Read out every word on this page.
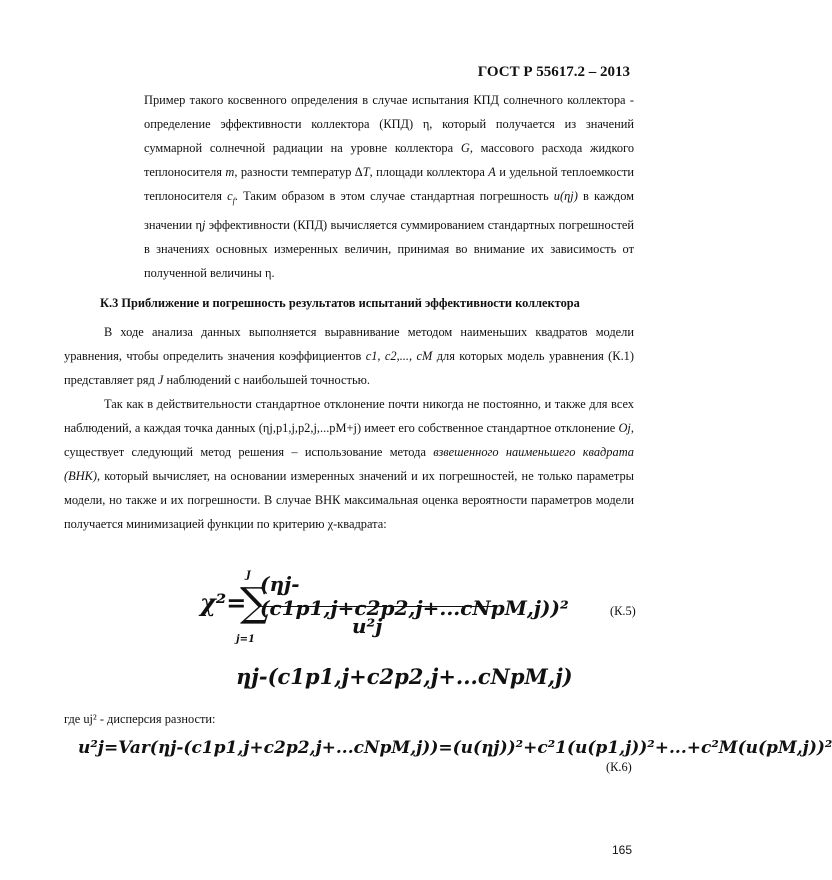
ГОСТ Р 55617.2 – 2013
Пример такого косвенного определения в случае испытания КПД солнечного коллектора - определение эффективности коллектора (КПД) η, который получается из значений суммарной солнечной радиации на уровне коллектора G, массового расхода жидкого теплоносителя m, разности температур ΔT, площади коллектора A и удельной теплоемкости теплоносителя $c_f$. Таким образом в этом случае стандартная погрешность u(ηj) в каждом значении ηj эффективности (КПД) вычисляется суммированием стандартных погрешностей в значениях основных измеренных величин, принимая во внимание их зависимость от полученной величины η.
К.3 Приближение и погрешность результатов испытаний эффективности коллектора
В ходе анализа данных выполняется выравнивание методом наименьших квадратов модели уравнения, чтобы определить значения коэффициентов c1, c2,..., cM для которых модель уравнения (К.1) представляет ряд J наблюдений с наибольшей точностью.
Так как в действительности стандартное отклонение почти никогда не постоянно, и также для всех наблюдений, а каждая точка данных (ηj,p1,j,p2,j,...pM+j) имеет его собственное стандартное отклонение Oj, существует следующий метод решения – использование метода взвешенного наименьшего квадрата (ВНК), который вычисляет, на основании измеренных значений и их погрешностей, не только параметры модели, но также и их погрешности. В случае ВНК максимальная оценка вероятности параметров модели получается минимизацией функции по критерию χ-квадрата:
χ²=
J
∑
j=1
(ηj-(c1p1,j+c2p2,j+...cNpM,j))²
u²j
(К.5)
ηj-(c1p1,j+c2p2,j+...cNpM,j)
где uj² - дисперсия разности:
u²j=Var(ηj-(c1p1,j+c2p2,j+...cNpM,j))=(u(ηj))²+c²1(u(p1,j))²+...+c²M(u(pM,j))²
(К.6)
165
